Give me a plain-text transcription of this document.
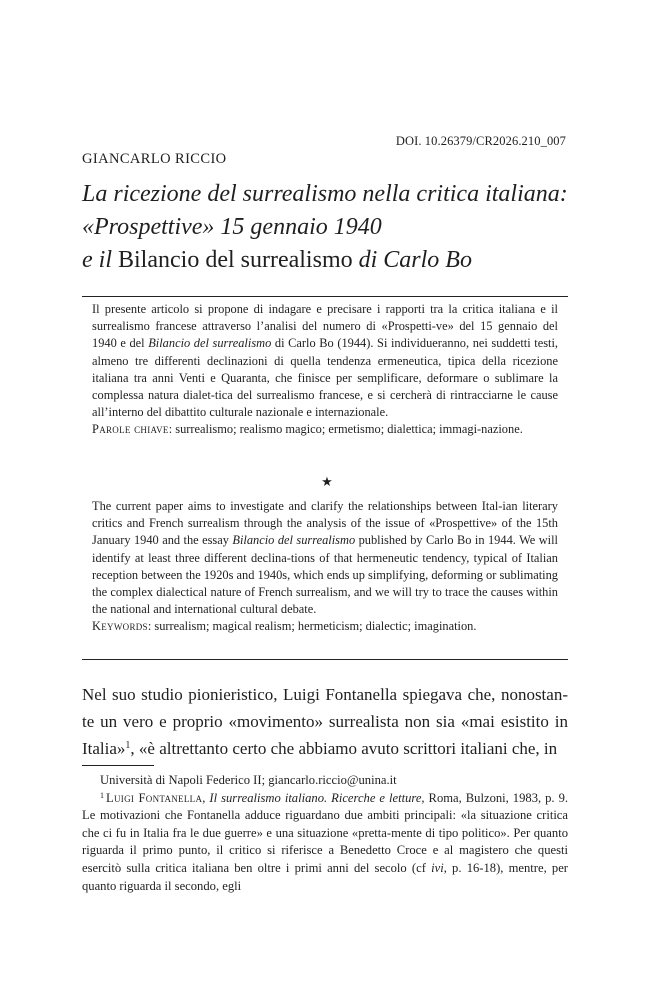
DOI. 10.26379/CR2026.210_007
GIANCARLO RICCIO
La ricezione del surrealismo nella critica italiana:
«Prospettive» 15 gennaio 1940
e il Bilancio del surrealismo di Carlo Bo
Il presente articolo si propone di indagare e precisare i rapporti tra la critica italiana e il surrealismo francese attraverso l’analisi del numero di «Prospetti-ve» del 15 gennaio del 1940 e del Bilancio del surrealismo di Carlo Bo (1944). Si individueranno, nei suddetti testi, almeno tre differenti declinazioni di quella tendenza ermeneutica, tipica della ricezione italiana tra anni Venti e Quaranta, che finisce per semplificare, deformare o sublimare la complessa natura dialet-tica del surrealismo francese, e si cercherà di rintracciarne le cause all’interno del dibattito culturale nazionale e internazionale.
Parole chiave: surrealismo; realismo magico; ermetismo; dialettica; immagi-nazione.
★
The current paper aims to investigate and clarify the relationships between Ital-ian literary critics and French surrealism through the analysis of the issue of «Prospettive» of the 15th January 1940 and the essay Bilancio del surrealismo published by Carlo Bo in 1944. We will identify at least three different declina-tions of that hermeneutic tendency, typical of Italian reception between the 1920s and 1940s, which ends up simplifying, deforming or sublimating the complex dialectical nature of French surrealism, and we will try to trace the causes within the national and international cultural debate.
Keywords: surrealism; magical realism; hermeticism; dialectic; imagination.
Nel suo studio pionieristico, Luigi Fontanella spiegava che, nonostan-te un vero e proprio «movimento» surrealista non sia «mai esistito in Italia»$^1$, «è altrettanto certo che abbiamo avuto scrittori italiani che, in
Università di Napoli Federico II; giancarlo.riccio@unina.it
$^1$ Luigi Fontanella, Il surrealismo italiano. Ricerche e letture, Roma, Bulzoni, 1983, p. 9. Le motivazioni che Fontanella adduce riguardano due ambiti principali: «la situazione critica che ci fu in Italia fra le due guerre» e una situazione «pretta-mente di tipo politico». Per quanto riguarda il primo punto, il critico si riferisce a Benedetto Croce e al magistero che questi esercitò sulla critica italiana ben oltre i primi anni del secolo (cf ivi, p. 16-18), mentre, per quanto riguarda il secondo, egli
